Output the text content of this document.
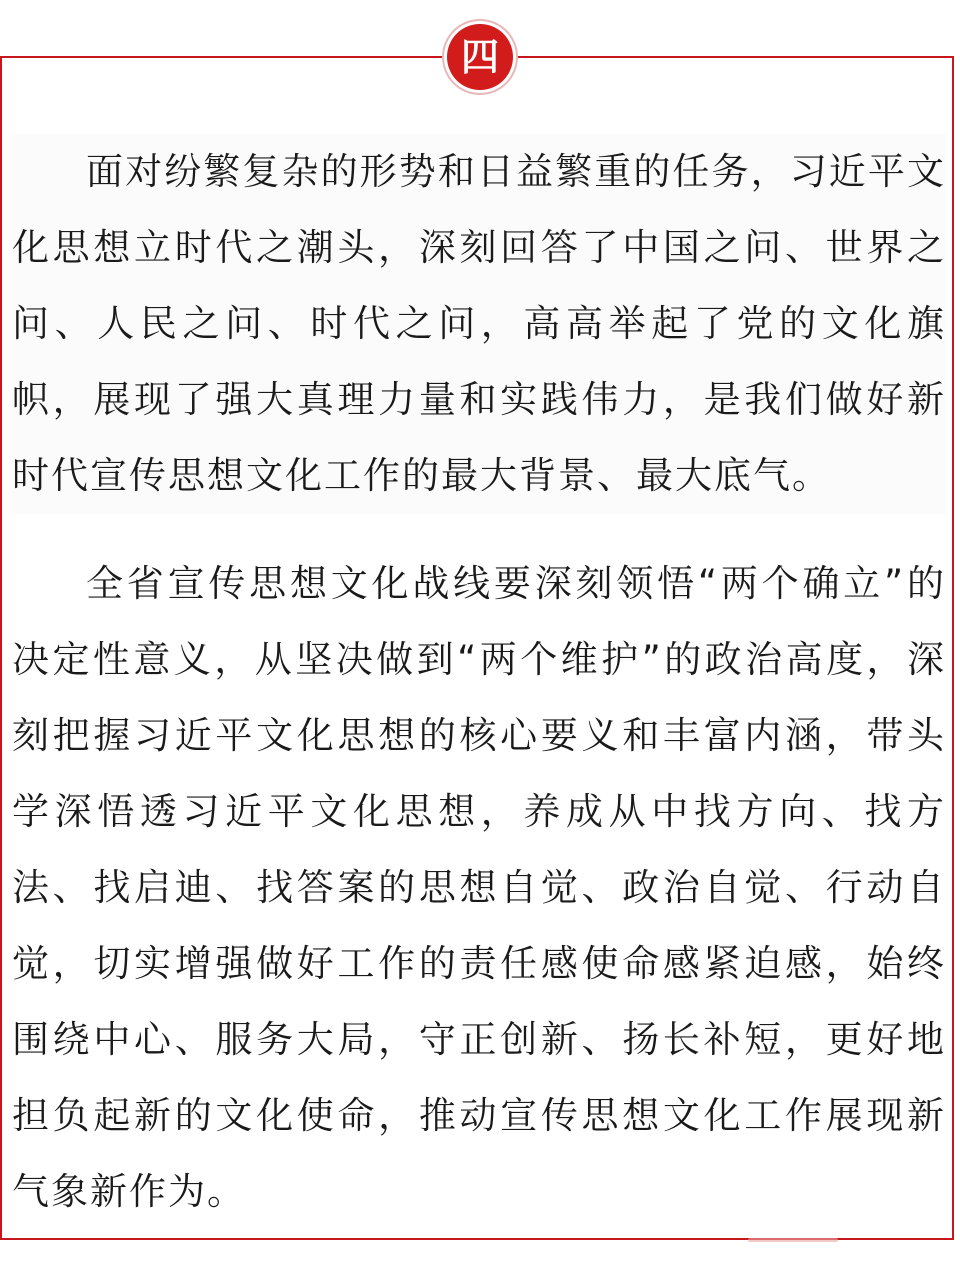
四

面对纷繁复杂的形势和日益繁重的任务，习近平文化思想立时代之潮头，深刻回答了中国之问、世界之问、人民之问、时代之问，高高举起了党的文化旗帜，展现了强大真理力量和实践伟力，是我们做好新时代宣传思想文化工作的最大背景、最大底气。

全省宣传思想文化战线要深刻领悟“两个确立”的决定性意义，从坚决做到“两个维护”的政治高度，深刻把握习近平文化思想的核心要义和丰富内涵，带头学深悟透习近平文化思想，养成从中找方向、找方法、找启迪、找答案的思想自觉、政治自觉、行动自觉，切实增强做好工作的责任感使命感紧迫感，始终围绕中心、服务大局，守正创新、扬长补短，更好地担负起新的文化使命，推动宣传思想文化工作展现新气象新作为。
